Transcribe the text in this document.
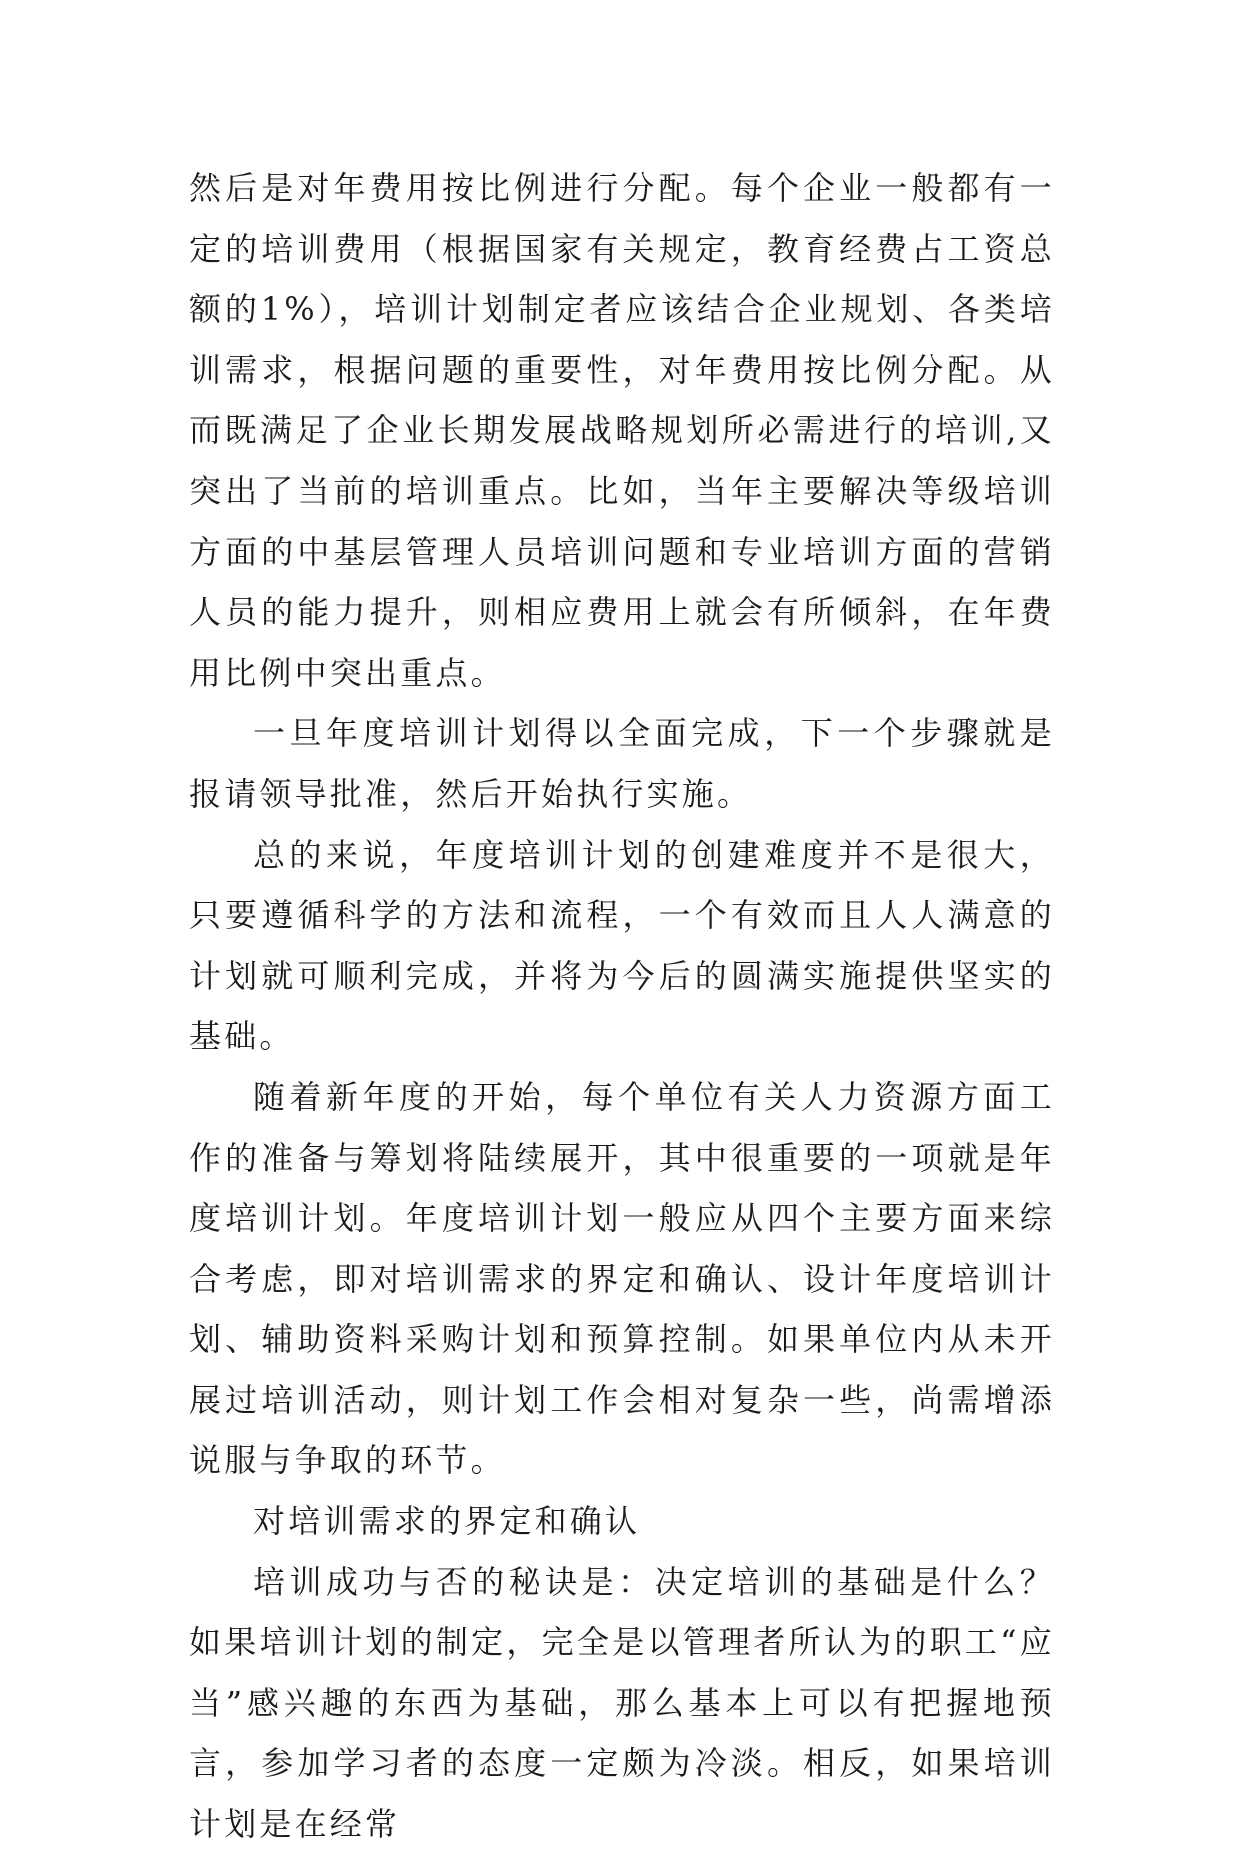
然后是对年费用按比例进行分配。每个企业一般都有一定的培训费用（根据国家有关规定，教育经费占工资总额的1%），培训计划制定者应该结合企业规划、各类培训需求，根据问题的重要性，对年费用按比例分配。从而既满足了企业长期发展战略规划所必需进行的培训,又突出了当前的培训重点。比如，当年主要解决等级培训方面的中基层管理人员培训问题和专业培训方面的营销人员的能力提升，则相应费用上就会有所倾斜，在年费用比例中突出重点。

一旦年度培训计划得以全面完成，下一个步骤就是报请领导批准，然后开始执行实施。

总的来说，年度培训计划的创建难度并不是很大，只要遵循科学的方法和流程，一个有效而且人人满意的计划就可顺利完成，并将为今后的圆满实施提供坚实的基础。

随着新年度的开始，每个单位有关人力资源方面工作的准备与筹划将陆续展开，其中很重要的一项就是年度培训计划。年度培训计划一般应从四个主要方面来综合考虑，即对培训需求的界定和确认、设计年度培训计划、辅助资料采购计划和预算控制。如果单位内从未开展过培训活动，则计划工作会相对复杂一些，尚需增添说服与争取的环节。

对培训需求的界定和确认

培训成功与否的秘诀是：决定培训的基础是什么？如果培训计划的制定，完全是以管理者所认为的职工“应当”感兴趣的东西为基础，那么基本上可以有把握地预言，参加学习者的态度一定颇为冷淡。相反，如果培训计划是在经常
